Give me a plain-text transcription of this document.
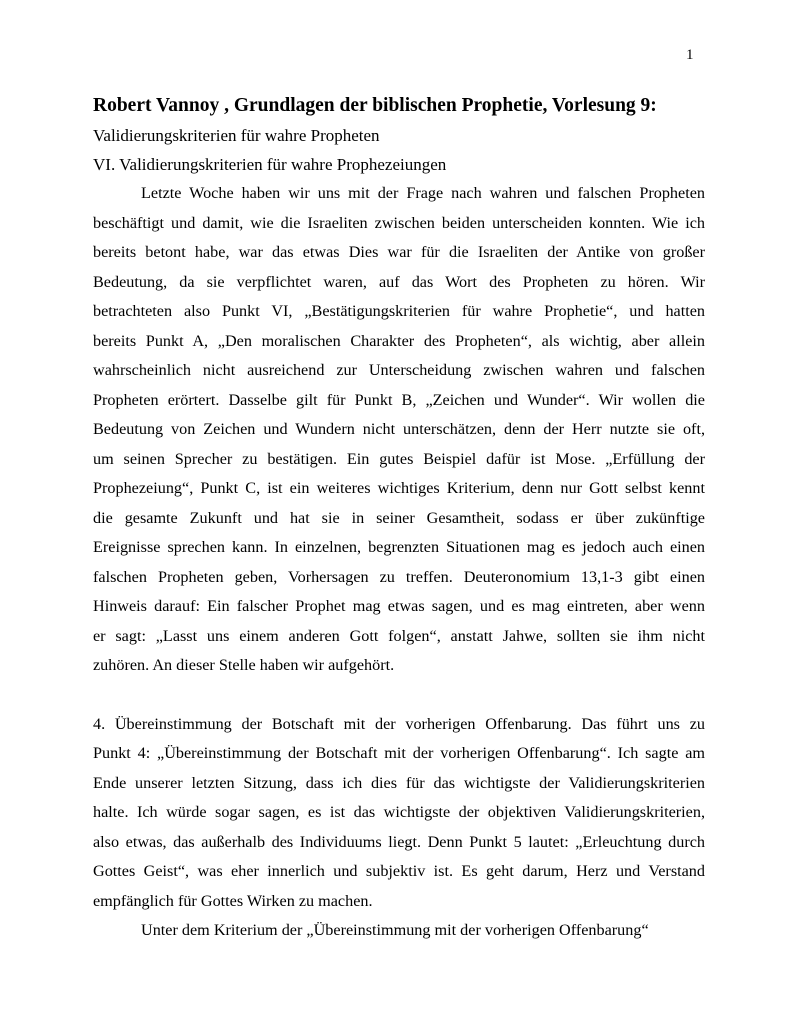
1
Robert Vannoy , Grundlagen der biblischen Prophetie, Vorlesung 9:
Validierungskriterien für wahre Propheten
VI. Validierungskriterien für wahre Prophezeiungen
Letzte Woche haben wir uns mit der Frage nach wahren und falschen Propheten
beschäftigt und damit, wie die Israeliten zwischen beiden unterscheiden konnten. Wie ich
bereits betont habe, war das etwas Dies war für die Israeliten der Antike von großer
Bedeutung, da sie verpflichtet waren, auf das Wort des Propheten zu hören. Wir
betrachteten also Punkt VI, „Bestätigungskriterien für wahre Prophetie“, und hatten
bereits Punkt A, „Den moralischen Charakter des Propheten“, als wichtig, aber allein
wahrscheinlich nicht ausreichend zur Unterscheidung zwischen wahren und falschen
Propheten erörtert. Dasselbe gilt für Punkt B, „Zeichen und Wunder“. Wir wollen die
Bedeutung von Zeichen und Wundern nicht unterschätzen, denn der Herr nutzte sie oft,
um seinen Sprecher zu bestätigen. Ein gutes Beispiel dafür ist Mose. „Erfüllung der
Prophezeiung“, Punkt C, ist ein weiteres wichtiges Kriterium, denn nur Gott selbst kennt
die gesamte Zukunft und hat sie in seiner Gesamtheit, sodass er über zukünftige
Ereignisse sprechen kann. In einzelnen, begrenzten Situationen mag es jedoch auch einen
falschen Propheten geben, Vorhersagen zu treffen. Deuteronomium 13,1-3 gibt einen
Hinweis darauf: Ein falscher Prophet mag etwas sagen, und es mag eintreten, aber wenn
er sagt: „Lasst uns einem anderen Gott folgen“, anstatt Jahwe, sollten sie ihm nicht
zuhören. An dieser Stelle haben wir aufgehört.
4. Übereinstimmung der Botschaft mit der vorherigen Offenbarung. Das führt uns zu
Punkt 4: „Übereinstimmung der Botschaft mit der vorherigen Offenbarung“. Ich sagte am
Ende unserer letzten Sitzung, dass ich dies für das wichtigste der Validierungskriterien
halte. Ich würde sogar sagen, es ist das wichtigste der objektiven Validierungskriterien,
also etwas, das außerhalb des Individuums liegt. Denn Punkt 5 lautet: „Erleuchtung durch
Gottes Geist“, was eher innerlich und subjektiv ist. Es geht darum, Herz und Verstand
empfänglich für Gottes Wirken zu machen.
Unter dem Kriterium der „Übereinstimmung mit der vorherigen Offenbarung“
